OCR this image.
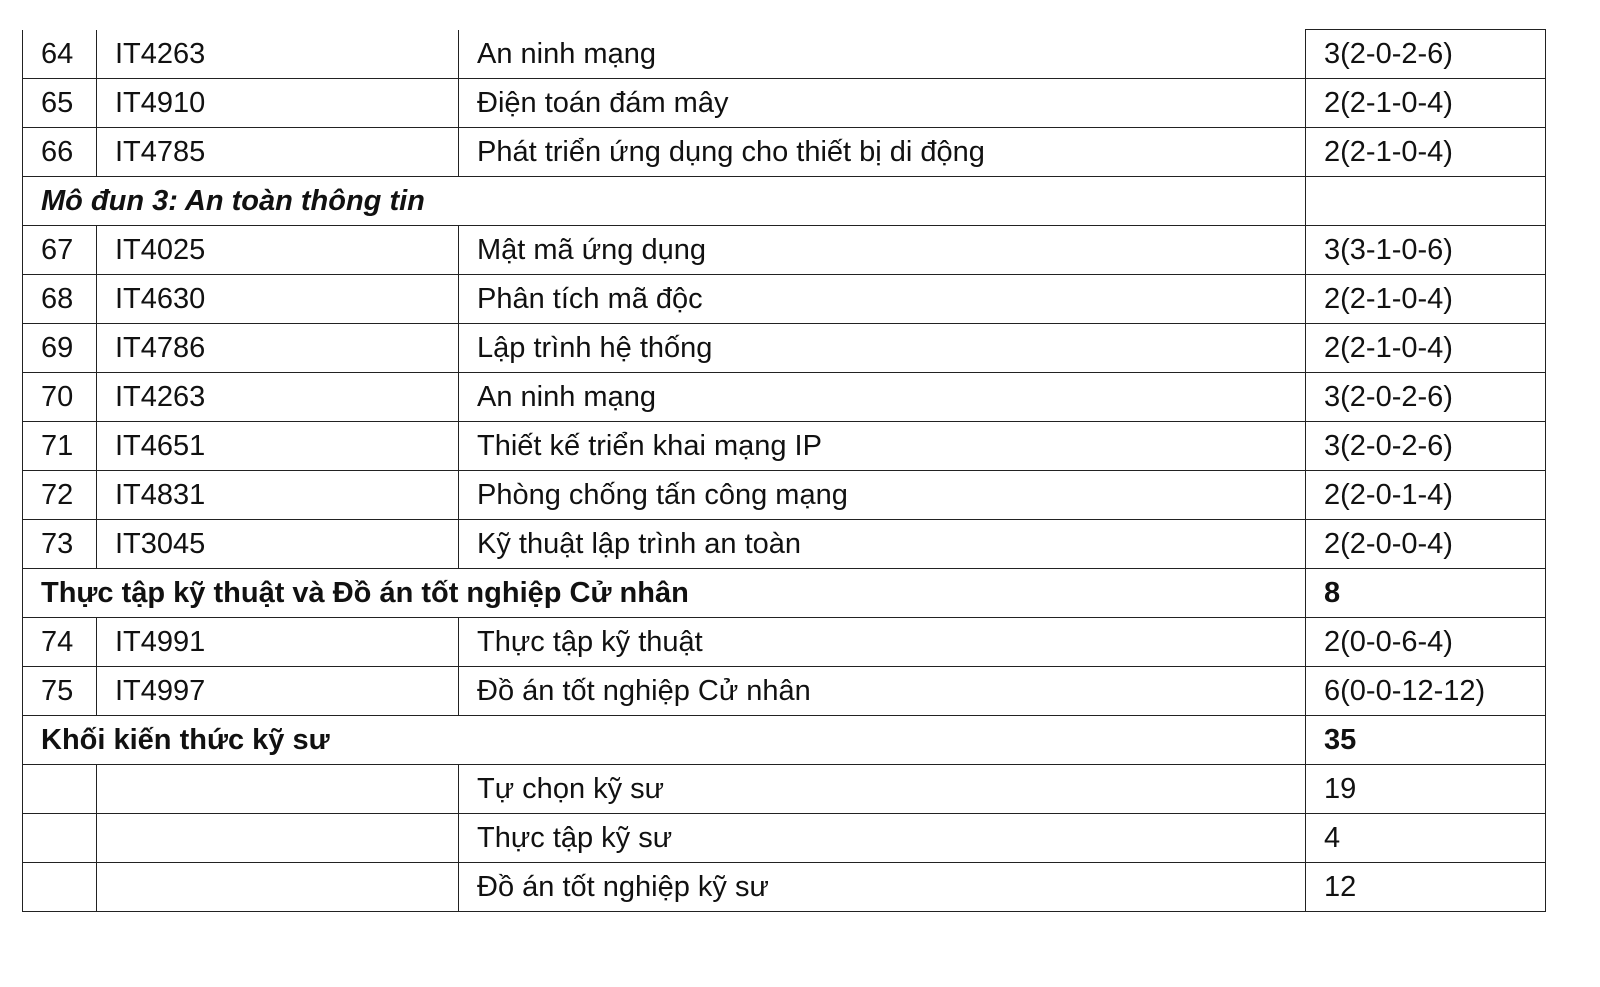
64	IT4263	An ninh mạng	3(2-0-2-6)
65	IT4910	Điện toán đám mây	2(2-1-0-4)
66	IT4785	Phát triển ứng dụng cho thiết bị di động	2(2-1-0-4)
Mô đun 3: An toàn thông tin			
67	IT4025	Mật mã ứng dụng	3(3-1-0-6)
68	IT4630	Phân tích mã độc	2(2-1-0-4)
69	IT4786	Lập trình hệ thống	2(2-1-0-4)
70	IT4263	An ninh mạng	3(2-0-2-6)
71	IT4651	Thiết kế triển khai mạng IP	3(2-0-2-6)
72	IT4831	Phòng chống tấn công mạng	2(2-0-1-4)
73	IT3045	Kỹ thuật lập trình an toàn	2(2-0-0-4)
Thực tập kỹ thuật và Đồ án tốt nghiệp Cử nhân			8
74	IT4991	Thực tập kỹ thuật	2(0-0-6-4)
75	IT4997	Đồ án tốt nghiệp Cử nhân	6(0-0-12-12)
Khối kiến thức kỹ sư			35
		Tự chọn kỹ sư	19
		Thực tập kỹ sư	4
		Đồ án tốt nghiệp kỹ sư	12
